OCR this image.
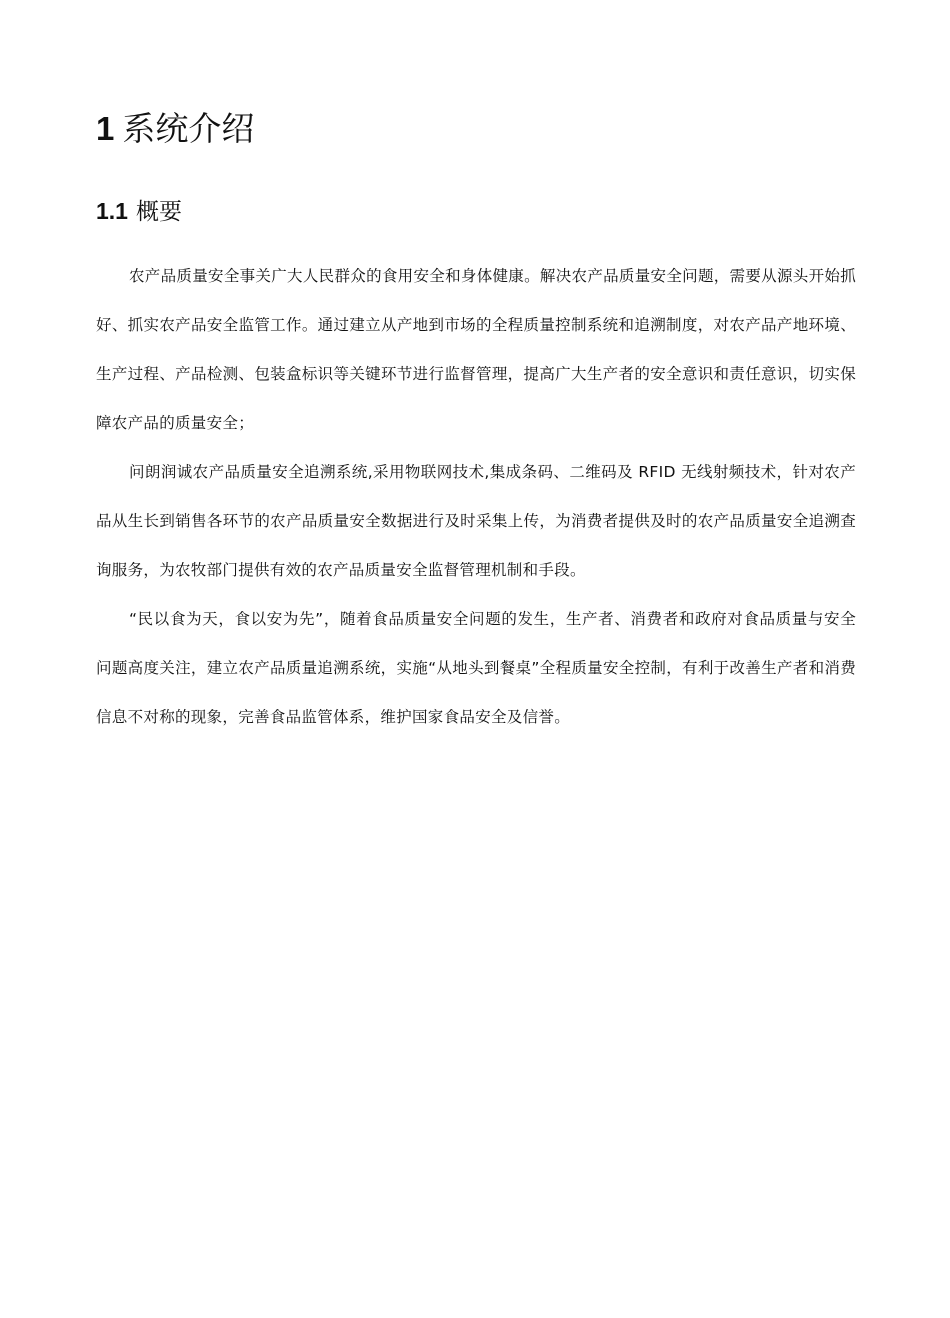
1 系统介绍
1.1 概要

农产品质量安全事关广大人民群众的食用安全和身体健康。解决农产品质量安全问题，需要从源头开始抓好、抓实农产品安全监管工作。通过建立从产地到市场的全程质量控制系统和追溯制度，对农产品产地环境、生产过程、产品检测、包装盒标识等关键环节进行监督管理，提高广大生产者的安全意识和责任意识，切实保障农产品的质量安全；

问朗润诚农产品质量安全追溯系统,采用物联网技术,集成条码、二维码及 RFID 无线射频技术，针对农产品从生长到销售各环节的农产品质量安全数据进行及时采集上传，为消费者提供及时的农产品质量安全追溯查询服务，为农牧部门提供有效的农产品质量安全监督管理机制和手段。

“民以食为天，食以安为先”，随着食品质量安全问题的发生，生产者、消费者和政府对食品质量与安全问题高度关注，建立农产品质量追溯系统，实施“从地头到餐桌”全程质量安全控制，有利于改善生产者和消费信息不对称的现象，完善食品监管体系，维护国家食品安全及信誉。
